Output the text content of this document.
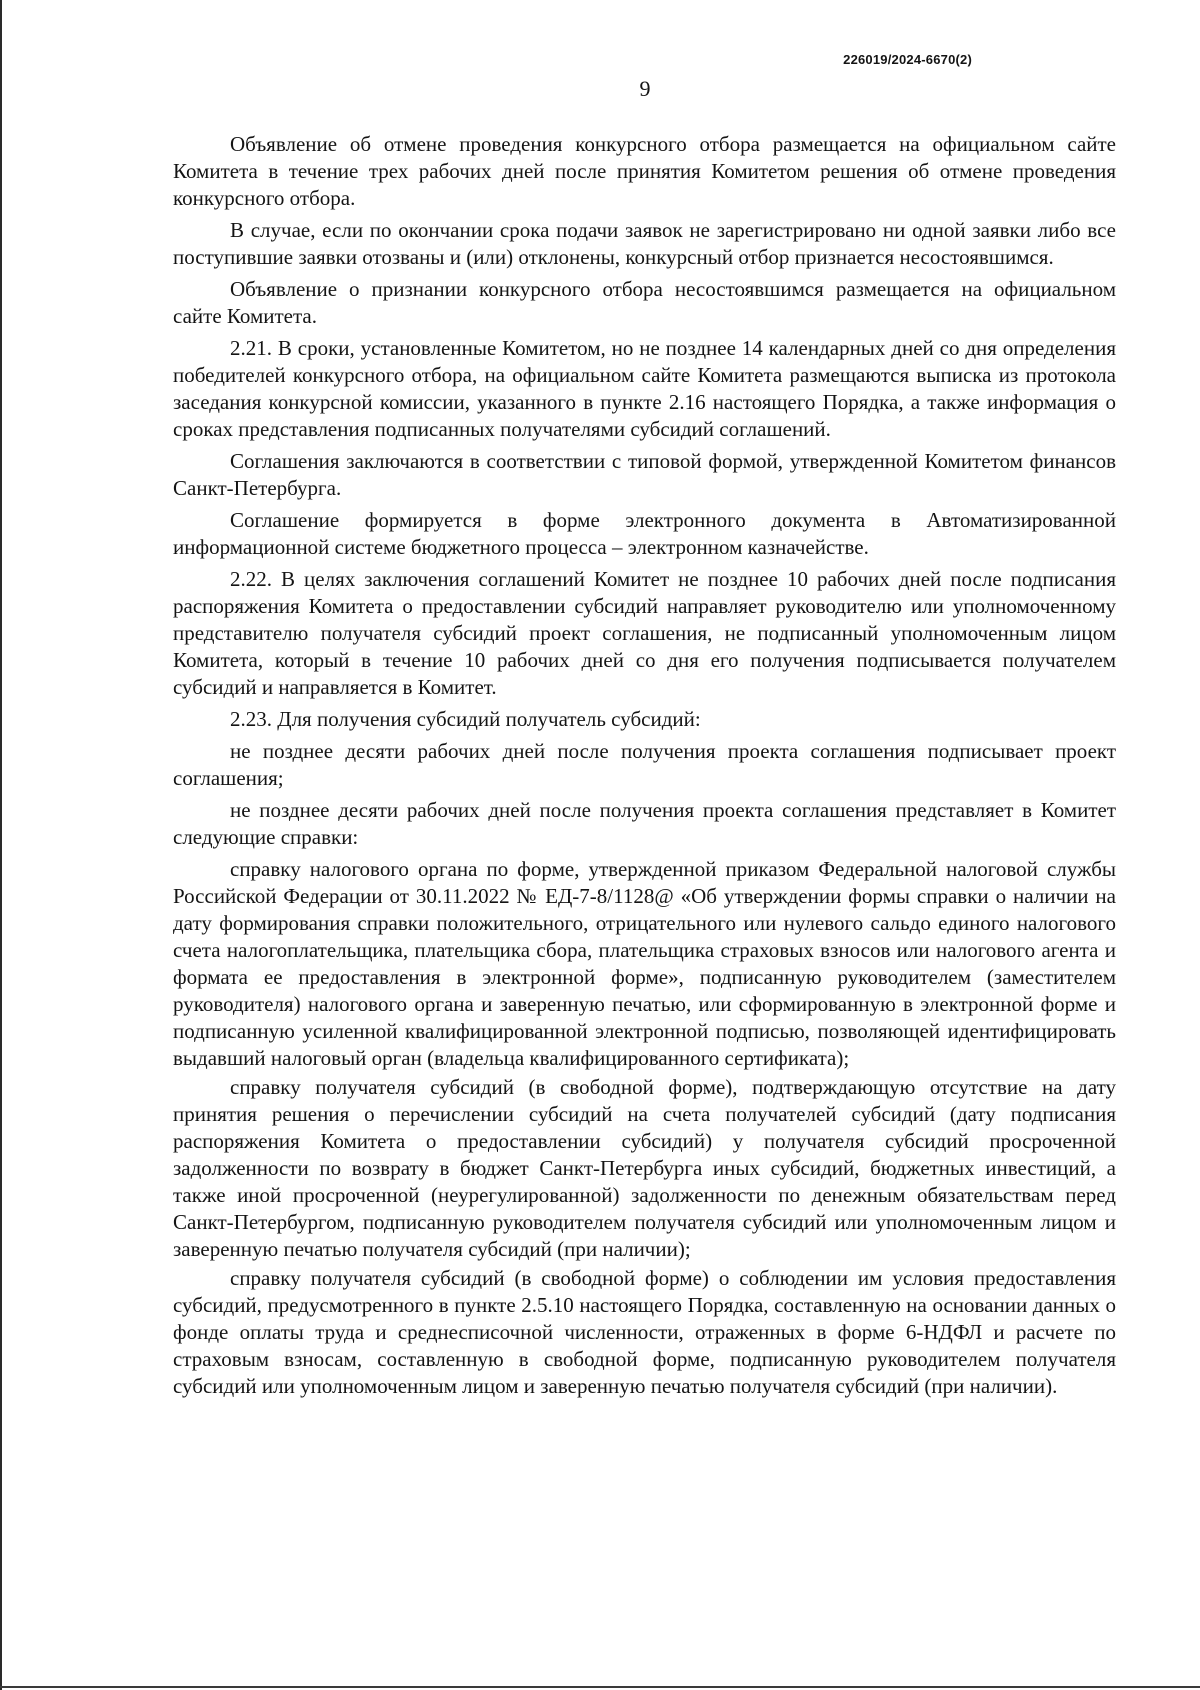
226019/2024-6670(2)
9

Объявление об отмене проведения конкурсного отбора размещается на официальном сайте Комитета в течение трех рабочих дней после принятия Комитетом решения об отмене проведения конкурсного отбора.

В случае, если по окончании срока подачи заявок не зарегистрировано ни одной заявки либо все поступившие заявки отозваны и (или) отклонены, конкурсный отбор признается несостоявшимся.

Объявление о признании конкурсного отбора несостоявшимся размещается на официальном сайте Комитета.

2.21. В сроки, установленные Комитетом, но не позднее 14 календарных дней со дня определения победителей конкурсного отбора, на официальном сайте Комитета размещаются выписка из протокола заседания конкурсной комиссии, указанного в пункте 2.16 настоящего Порядка, а также информация о сроках представления подписанных получателями субсидий соглашений.

Соглашения заключаются в соответствии с типовой формой, утвержденной Комитетом финансов Санкт-Петербурга.

Соглашение формируется в форме электронного документа в Автоматизированной информационной системе бюджетного процесса – электронном казначействе.

2.22. В целях заключения соглашений Комитет не позднее 10 рабочих дней после подписания распоряжения Комитета о предоставлении субсидий направляет руководителю или уполномоченному представителю получателя субсидий проект соглашения, не подписанный уполномоченным лицом Комитета, который в течение 10 рабочих дней со дня его получения подписывается получателем субсидий и направляется в Комитет.

2.23. Для получения субсидий получатель субсидий:

не позднее десяти рабочих дней после получения проекта соглашения подписывает проект соглашения;

не позднее десяти рабочих дней после получения проекта соглашения представляет в Комитет следующие справки:

справку налогового органа по форме, утвержденной приказом Федеральной налоговой службы Российской Федерации от 30.11.2022 № ЕД-7-8/1128@ «Об утверждении формы справки о наличии на дату формирования справки положительного, отрицательного или нулевого сальдо единого налогового счета налогоплательщика, плательщика сбора, плательщика страховых взносов или налогового агента и формата ее предоставления в электронной форме», подписанную руководителем (заместителем руководителя) налогового органа и заверенную печатью, или сформированную в электронной форме и подписанную усиленной квалифицированной электронной подписью, позволяющей идентифицировать выдавший налоговый орган (владельца квалифицированного сертификата);

справку получателя субсидий (в свободной форме), подтверждающую отсутствие на дату принятия решения о перечислении субсидий на счета получателей субсидий (дату подписания распоряжения Комитета о предоставлении субсидий) у получателя субсидий просроченной задолженности по возврату в бюджет Санкт-Петербурга иных субсидий, бюджетных инвестиций, а также иной просроченной (неурегулированной) задолженности по денежным обязательствам перед Санкт-Петербургом, подписанную руководителем получателя субсидий или уполномоченным лицом и заверенную печатью получателя субсидий (при наличии);

справку получателя субсидий (в свободной форме) о соблюдении им условия предоставления субсидий, предусмотренного в пункте 2.5.10 настоящего Порядка, составленную на основании данных о фонде оплаты труда и среднесписочной численности, отраженных в форме 6-НДФЛ и расчете по страховым взносам, составленную в свободной форме, подписанную руководителем получателя субсидий или уполномоченным лицом и заверенную печатью получателя субсидий (при наличии).
